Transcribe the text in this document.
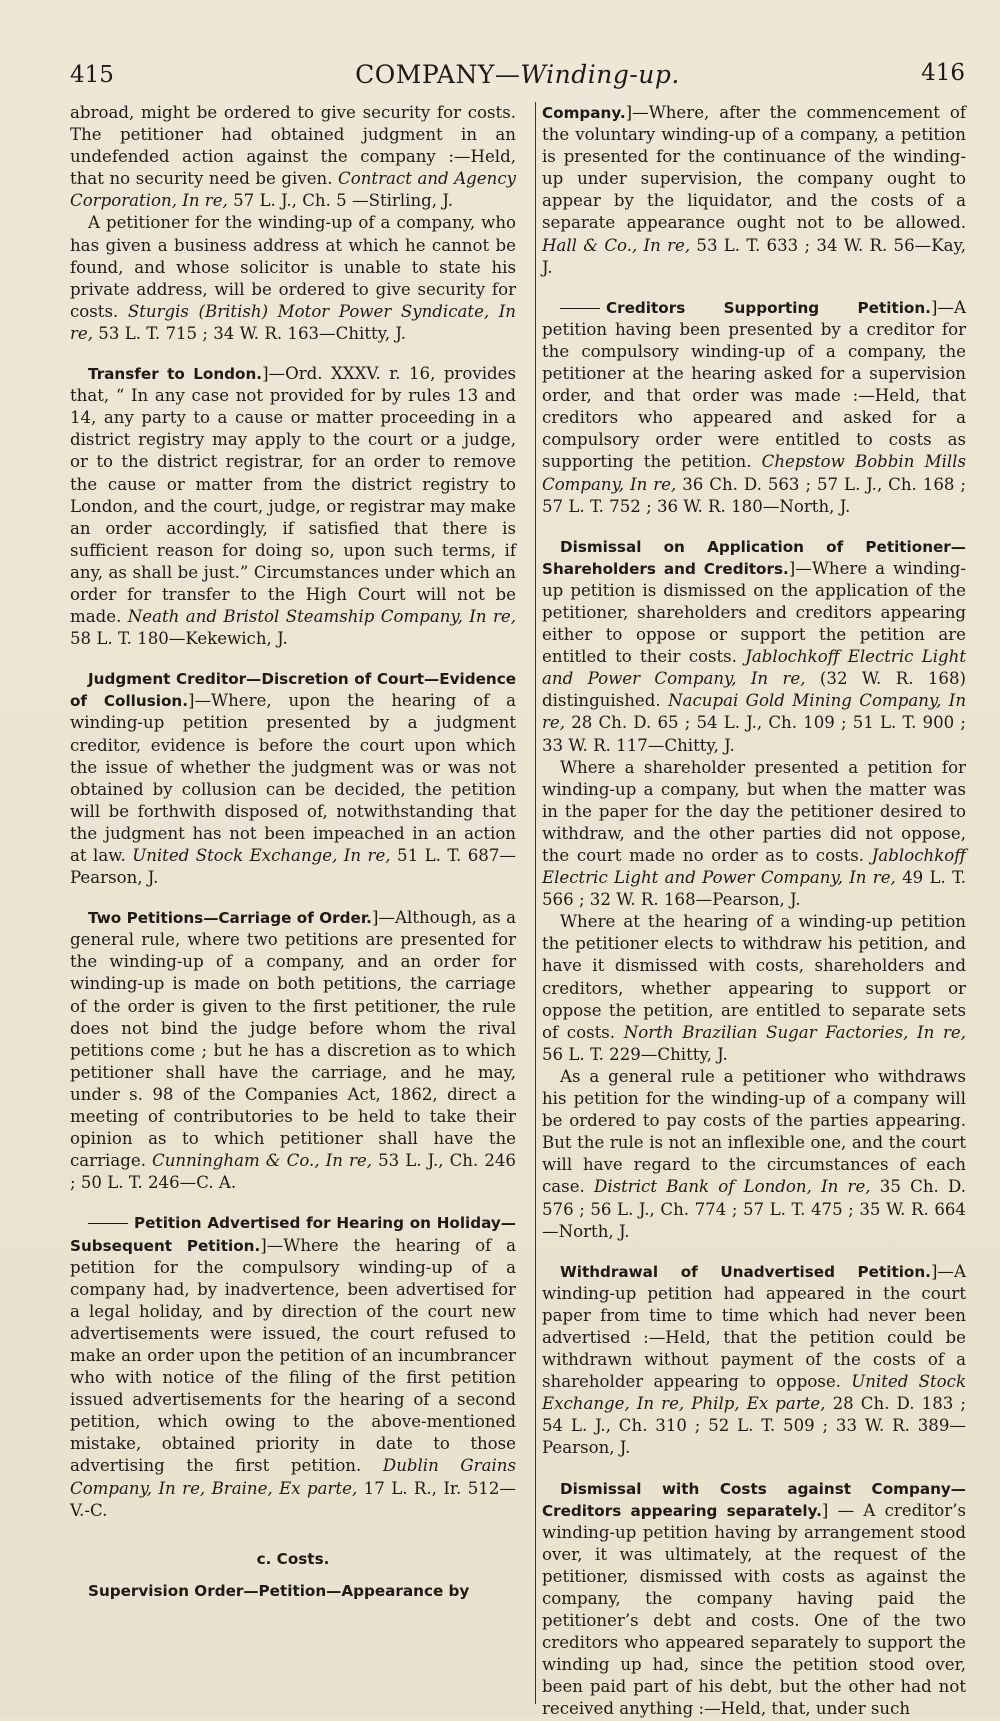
415	COMPANY—Winding-up.	416

abroad, might be ordered to give security for costs. The petitioner had obtained judgment in an undefended action against the company :—Held, that no security need be given. Contract and Agency Corporation, In re, 57 L. J., Ch. 5 —Stirling, J.

A petitioner for the winding-up of a company, who has given a business address at which he cannot be found, and whose solicitor is unable to state his private address, will be ordered to give security for costs. Sturgis (British) Motor Power Syndicate, In re, 53 L. T. 715 ; 34 W. R. 163—Chitty, J.

Transfer to London.]—Ord. XXXV. r. 16, provides that, “ In any case not provided for by rules 13 and 14, any party to a cause or matter proceeding in a district registry may apply to the court or a judge, or to the district registrar, for an order to remove the cause or matter from the district registry to London, and the court, judge, or registrar may make an order accordingly, if satisfied that there is sufficient reason for doing so, upon such terms, if any, as shall be just.” Circumstances under which an order for transfer to the High Court will not be made. Neath and Bristol Steamship Company, In re, 58 L. T. 180—Kekewich, J.

Judgment Creditor—Discretion of Court—Evidence of Collusion.]—Where, upon the hearing of a winding-up petition presented by a judgment creditor, evidence is before the court upon which the issue of whether the judgment was or was not obtained by collusion can be decided, the petition will be forthwith disposed of, notwithstanding that the judgment has not been impeached in an action at law. United Stock Exchange, In re, 51 L. T. 687—Pearson, J.

Two Petitions—Carriage of Order.]—Although, as a general rule, where two petitions are presented for the winding-up of a company, and an order for winding-up is made on both petitions, the carriage of the order is given to the first petitioner, the rule does not bind the judge before whom the rival petitions come ; but he has a discretion as to which petitioner shall have the carriage, and he may, under s. 98 of the Companies Act, 1862, direct a meeting of contributories to be held to take their opinion as to which petitioner shall have the carriage. Cunningham & Co., In re, 53 L. J., Ch. 246 ; 50 L. T. 246—C. A.

Petition Advertised for Hearing on Holiday—Subsequent Petition.]—Where the hearing of a petition for the compulsory winding-up of a company had, by inadvertence, been advertised for a legal holiday, and by direction of the court new advertisements were issued, the court refused to make an order upon the petition of an incumbrancer who with notice of the filing of the first petition issued advertisements for the hearing of a second petition, which owing to the above-mentioned mistake, obtained priority in date to those advertising the first petition. Dublin Grains Company, In re, Braine, Ex parte, 17 L. R., Ir. 512—V.-C.

c. Costs.

Supervision Order—Petition—Appearance by

Company.]—Where, after the commencement of the voluntary winding-up of a company, a petition is presented for the continuance of the winding-up under supervision, the company ought to appear by the liquidator, and the costs of a separate appearance ought not to be allowed. Hall & Co., In re, 53 L. T. 633 ; 34 W. R. 56—Kay, J.

Creditors Supporting Petition.]—A petition having been presented by a creditor for the compulsory winding-up of a company, the petitioner at the hearing asked for a supervision order, and that order was made :—Held, that creditors who appeared and asked for a compulsory order were entitled to costs as supporting the petition. Chepstow Bobbin Mills Company, In re, 36 Ch. D. 563 ; 57 L. J., Ch. 168 ; 57 L. T. 752 ; 36 W. R. 180—North, J.

Dismissal on Application of Petitioner—Shareholders and Creditors.]—Where a winding-up petition is dismissed on the application of the petitioner, shareholders and creditors appearing either to oppose or support the petition are entitled to their costs. Jablochkoff Electric Light and Power Company, In re, (32 W. R. 168) distinguished. Nacupai Gold Mining Company, In re, 28 Ch. D. 65 ; 54 L. J., Ch. 109 ; 51 L. T. 900 ; 33 W. R. 117—Chitty, J.

Where a shareholder presented a petition for winding-up a company, but when the matter was in the paper for the day the petitioner desired to withdraw, and the other parties did not oppose, the court made no order as to costs. Jablochkoff Electric Light and Power Company, In re, 49 L. T. 566 ; 32 W. R. 168—Pearson, J.

Where at the hearing of a winding-up petition the petitioner elects to withdraw his petition, and have it dismissed with costs, shareholders and creditors, whether appearing to support or oppose the petition, are entitled to separate sets of costs. North Brazilian Sugar Factories, In re, 56 L. T. 229—Chitty, J.

As a general rule a petitioner who withdraws his petition for the winding-up of a company will be ordered to pay costs of the parties appearing. But the rule is not an inflexible one, and the court will have regard to the circumstances of each case. District Bank of London, In re, 35 Ch. D. 576 ; 56 L. J., Ch. 774 ; 57 L. T. 475 ; 35 W. R. 664—North, J.

Withdrawal of Unadvertised Petition.]—A winding-up petition had appeared in the court paper from time to time which had never been advertised :—Held, that the petition could be withdrawn without payment of the costs of a shareholder appearing to oppose. United Stock Exchange, In re, Philp, Ex parte, 28 Ch. D. 183 ; 54 L. J., Ch. 310 ; 52 L. T. 509 ; 33 W. R. 389—Pearson, J.

Dismissal with Costs against Company—Creditors appearing separately.] — A creditor’s winding-up petition having by arrangement stood over, it was ultimately, at the request of the petitioner, dismissed with costs as against the company, the company having paid the petitioner’s debt and costs. One of the two creditors who appeared separately to support the winding up had, since the petition stood over, been paid part of his debt, but the other had not received anything :—Held, that, under such
